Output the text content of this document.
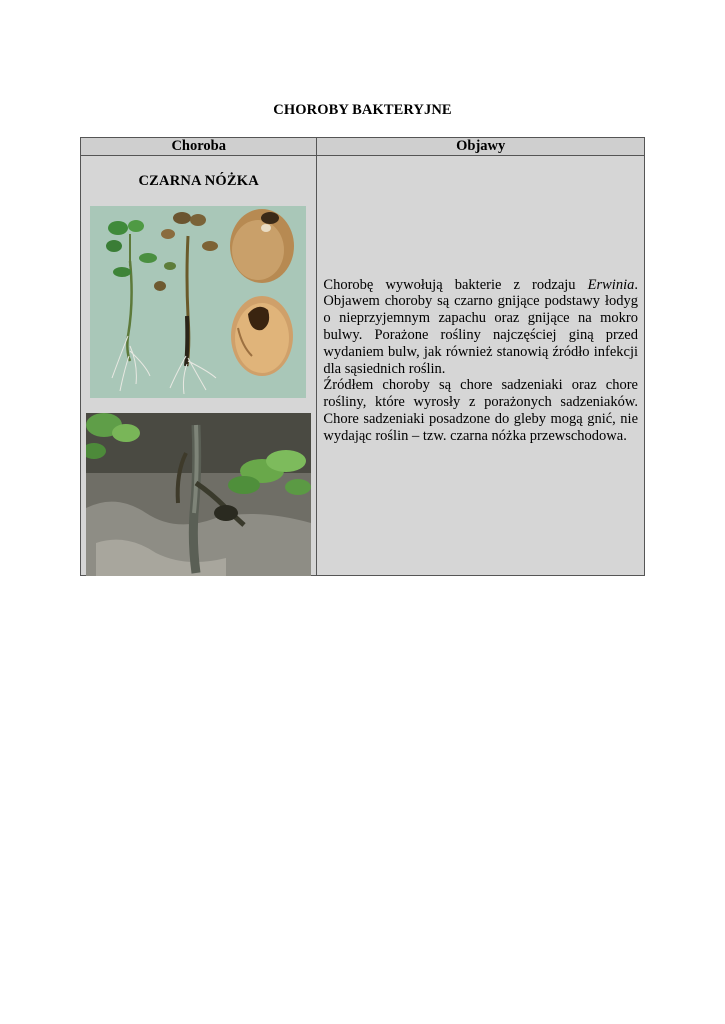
CHOROBY BAKTERYJNE
Choroba	Objawy

CZARNA NÓŻKA	Chorobę wywołują bakterie z rodzaju Erwinia. Objawem choroby są czarno gnijące podstawy łodyg o nieprzyjemnym zapachu oraz gnijące na mokro bulwy. Porażone rośliny najczęściej giną przed wydaniem bulw, jak również stanowią źródło infekcji dla sąsiednich roślin.

Źródłem choroby są chore sadzeniaki oraz chore rośliny, które wyrosły z porażonych sadzeniaków. Chore sadzeniaki posadzone do gleby mogą gnić, nie wydając roślin – tzw. czarna nóżka przewschodowa.
